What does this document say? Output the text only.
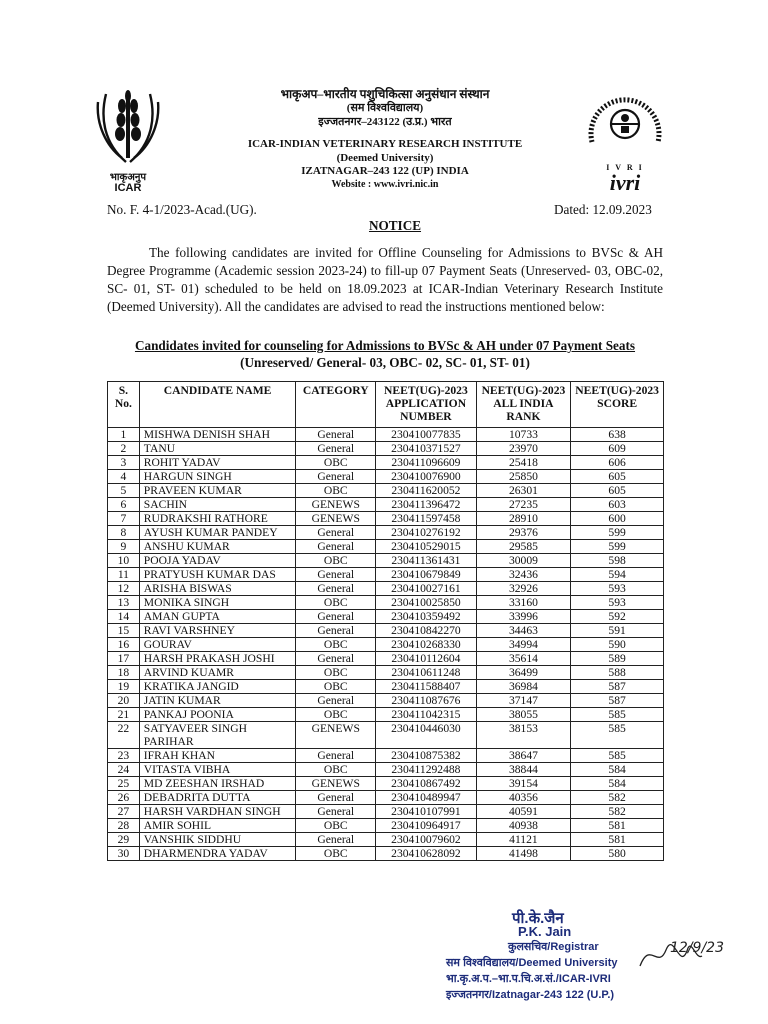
भाकृअनुप
ICAR
भाकृअप–भारतीय पशुचिकित्सा अनुसंधान संस्थान
(सम विश्वविद्यालय)
इज्जतनगर–243122 (उ.प्र.) भारत
ICAR-INDIAN VETERINARY RESEARCH INSTITUTE
(Deemed University)
IZATNAGAR–243 122 (UP) INDIA
Website : www.ivri.nic.in
I V R I
ivri
No. F. 4-1/2023-Acad.(UG).	Dated: 12.09.2023
NOTICE
The following candidates are invited for Offline Counseling for Admissions to BVSc & AH Degree Programme (Academic session 2023-24) to fill-up 07 Payment Seats (Unreserved- 03, OBC-02, SC- 01, ST- 01) scheduled to be held on 18.09.2023 at ICAR-Indian Veterinary Research Institute (Deemed University). All the candidates are advised to read the instructions mentioned below:
Candidates invited for counseling for Admissions to BVSc & AH under 07 Payment Seats
(Unreserved/ General- 03, OBC- 02, SC- 01, ST- 01)
S. No.	CANDIDATE NAME	CATEGORY	NEET(UG)-2023 APPLICATION NUMBER	NEET(UG)-2023 ALL INDIA RANK	NEET(UG)-2023 SCORE
1	MISHWA DENISH SHAH	General	230410077835	10733	638
2	TANU	General	230410371527	23970	609
3	ROHIT YADAV	OBC	230411096609	25418	606
4	HARGUN SINGH	General	230410076900	25850	605
5	PRAVEEN KUMAR	OBC	230411620052	26301	605
6	SACHIN	GENEWS	230411396472	27235	603
7	RUDRAKSHI RATHORE	GENEWS	230411597458	28910	600
8	AYUSH KUMAR PANDEY	General	230410276192	29376	599
9	ANSHU KUMAR	General	230410529015	29585	599
10	POOJA YADAV	OBC	230411361431	30009	598
11	PRATYUSH KUMAR DAS	General	230410679849	32436	594
12	ARISHA BISWAS	General	230410027161	32926	593
13	MONIKA SINGH	OBC	230410025850	33160	593
14	AMAN GUPTA	General	230410359492	33996	592
15	RAVI VARSHNEY	General	230410842270	34463	591
16	GOURAV	OBC	230410268330	34994	590
17	HARSH PRAKASH JOSHI	General	230410112604	35614	589
18	ARVIND KUAMR	OBC	230410611248	36499	588
19	KRATIKA JANGID	OBC	230411588407	36984	587
20	JATIN KUMAR	General	230411087676	37147	587
21	PANKAJ POONIA	OBC	230411042315	38055	585
22	SATYAVEER SINGH PARIHAR	GENEWS	230410446030	38153	585
23	IFRAH KHAN	General	230410875382	38647	585
24	VITASTA VIBHA	OBC	230411292488	38844	584
25	MD ZEESHAN IRSHAD	GENEWS	230410867492	39154	584
26	DEBADRITA DUTTA	General	230410489947	40356	582
27	HARSH VARDHAN SINGH	General	230410107991	40591	582
28	AMIR SOHIL	OBC	230410964917	40938	581
29	VANSHIK SIDDHU	General	230410079602	41121	581
30	DHARMENDRA YADAV	OBC	230410628092	41498	580
पी.के.जैन
P.K. Jain
कुलसचिव/Registrar
सम विश्वविद्यालय/Deemed University
भा.कृ.अ.प.–भा.प.चि.अ.सं./ICAR-IVRI
इज्जतनगर/Izatnagar-243 122 (U.P.)
12/9/23
